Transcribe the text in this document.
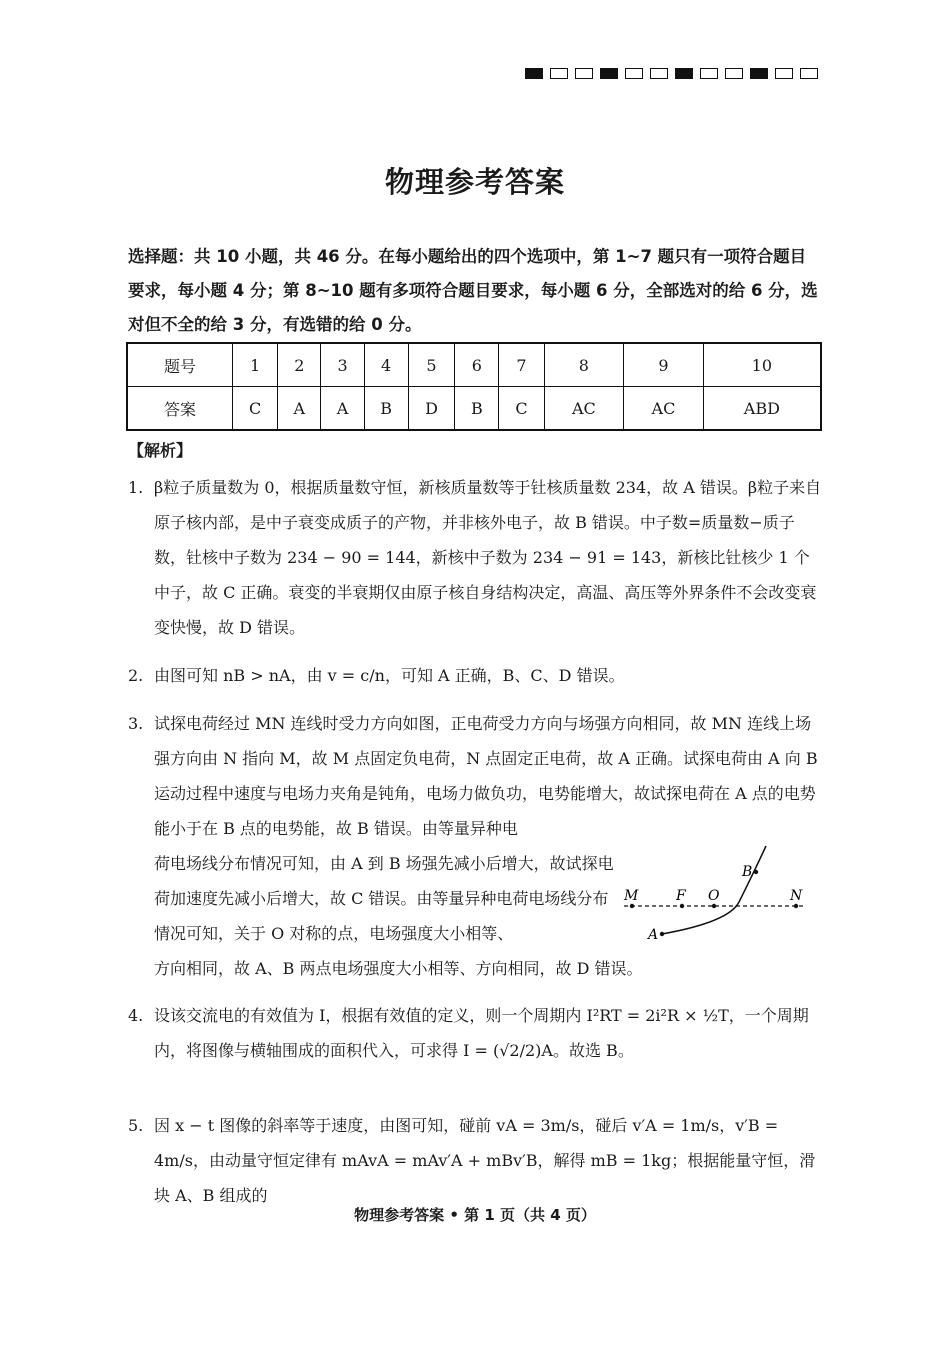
物理参考答案
选择题：共 10 小题，共 46 分。在每小题给出的四个选项中，第 1~7 题只有一项符合题目要求，每小题 4 分；第 8~10 题有多项符合题目要求，每小题 6 分，全部选对的给 6 分，选对但不全的给 3 分，有选错的给 0 分。
题号	1	2	3	4	5	6	7	8	9	10
答案	C	A	A	B	D	B	C	AC	AC	ABD
【解析】
1. β粒子质量数为 0，根据质量数守恒，新核质量数等于钍核质量数 234，故 A 错误。β粒子来自原子核内部，是中子衰变成质子的产物，并非核外电子，故 B 错误。中子数=质量数−质子数，钍核中子数为 234 − 90 = 144，新核中子数为 234 − 91 = 143，新核比钍核少 1 个中子，故 C 正确。衰变的半衰期仅由原子核自身结构决定，高温、高压等外界条件不会改变衰变快慢，故 D 错误。
2. 由图可知 nB > nA，由 v = c/n，可知 A 正确，B、C、D 错误。
3. 试探电荷经过 MN 连线时受力方向如图，正电荷受力方向与场强方向相同，故 MN 连线上场强方向由 N 指向 M，故 M 点固定负电荷，N 点固定正电荷，故 A 正确。试探电荷由 A 向 B 运动过程中速度与电场力夹角是钝角，电场力做负功，电势能增大，故试探电荷在 A 点的电势能小于在 B 点的电势能，故 B 错误。由等量异种电
荷电场线分布情况可知，由 A 到 B 场强先减小后增大，故试探电荷加速度先减小后增大，故 C 错误。由等量异种电荷电场线分布情况可知，关于 O 对称的点，电场强度大小相等、
方向相同，故 A、B 两点电场强度大小相等、方向相同，故 D 错误。
M	F O	N
A
B
4. 设该交流电的有效值为 I，根据有效值的定义，则一个周期内 I²RT = 2i²R × ½T，一个周期内，将图像与横轴围成的面积代入，可求得 I = (√2/2)A。故选 B。
5. 因 x − t 图像的斜率等于速度，由图可知，碰前 vA = 3m/s，碰后 v′A = 1m/s，v′B = 4m/s，由动量守恒定律有 mAvA = mAv′A + mBv′B，解得 mB = 1kg；根据能量守恒，滑块 A、B 组成的
物理参考答案 • 第 1 页（共 4 页）
